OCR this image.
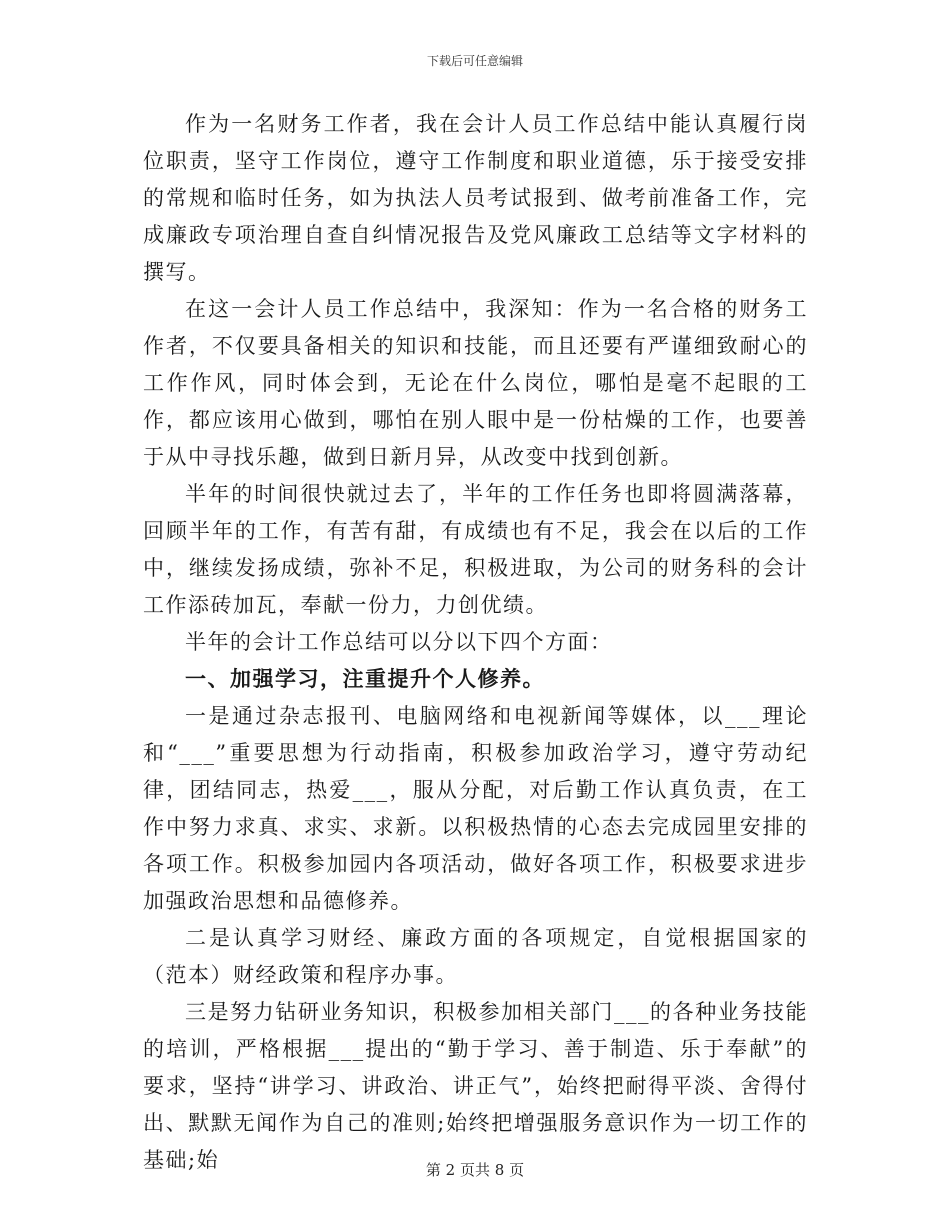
下载后可任意编辑

作为一名财务工作者，我在会计人员工作总结中能认真履行岗位职责，坚守工作岗位，遵守工作制度和职业道德，乐于接受安排的常规和临时任务，如为执法人员考试报到、做考前准备工作，完成廉政专项治理自查自纠情况报告及党风廉政工总结等文字材料的撰写。

在这一会计人员工作总结中，我深知：作为一名合格的财务工作者，不仅要具备相关的知识和技能，而且还要有严谨细致耐心的工作作风，同时体会到，无论在什么岗位，哪怕是毫不起眼的工作，都应该用心做到，哪怕在别人眼中是一份枯燥的工作，也要善于从中寻找乐趣，做到日新月异，从改变中找到创新。

半年的时间很快就过去了，半年的工作任务也即将圆满落幕，回顾半年的工作，有苦有甜，有成绩也有不足，我会在以后的工作中，继续发扬成绩，弥补不足，积极进取，为公司的财务科的会计工作添砖加瓦，奉献一份力，力创优绩。

半年的会计工作总结可以分以下四个方面：

一、加强学习，注重提升个人修养。

一是通过杂志报刊、电脑网络和电视新闻等媒体，以___理论和“___”重要思想为行动指南，积极参加政治学习，遵守劳动纪律，团结同志，热爱___，服从分配，对后勤工作认真负责，在工作中努力求真、求实、求新。以积极热情的心态去完成园里安排的各项工作。积极参加园内各项活动，做好各项工作，积极要求进步加强政治思想和品德修养。

二是认真学习财经、廉政方面的各项规定，自觉根据国家的（范本）财经政策和程序办事。

三是努力钻研业务知识，积极参加相关部门___的各种业务技能的培训，严格根据___提出的“勤于学习、善于制造、乐于奉献”的要求，坚持“讲学习、讲政治、讲正气”，始终把耐得平淡、舍得付出、默默无闻作为自己的准则;始终把增强服务意识作为一切工作的基础;始	第 2 页共 8 页
